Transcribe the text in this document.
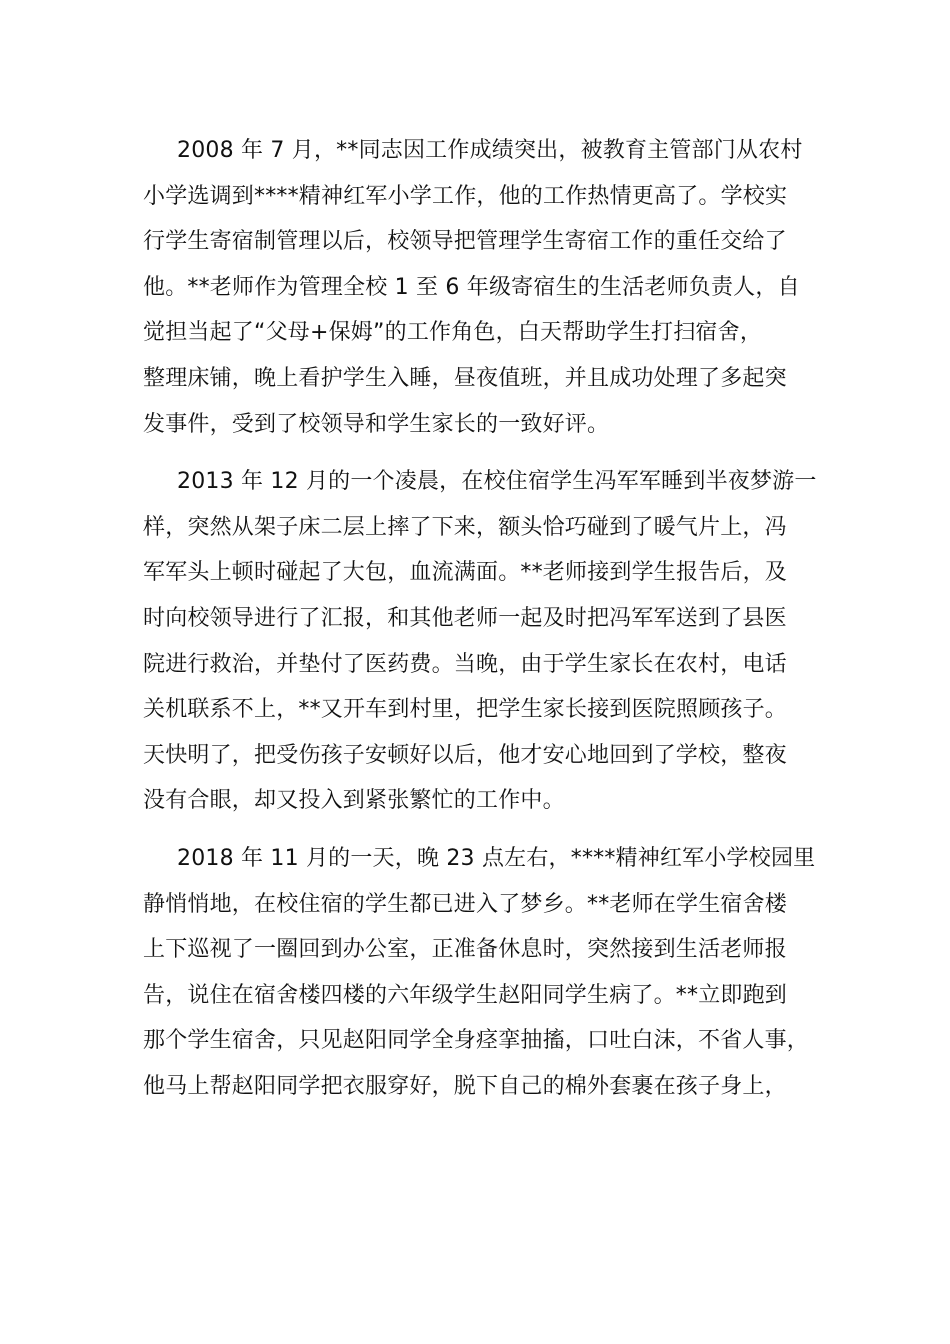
2008 年 7 月，**同志因工作成绩突出，被教育主管部门从农村
小学选调到****精神红军小学工作，他的工作热情更高了。学校实
行学生寄宿制管理以后，校领导把管理学生寄宿工作的重任交给了
他。**老师作为管理全校 1 至 6 年级寄宿生的生活老师负责人，自
觉担当起了“父母+保姆”的工作角色，白天帮助学生打扫宿舍，
整理床铺，晚上看护学生入睡，昼夜值班，并且成功处理了多起突
发事件，受到了校领导和学生家长的一致好评。
2013 年 12 月的一个凌晨，在校住宿学生冯军军睡到半夜梦游一
样，突然从架子床二层上摔了下来，额头恰巧碰到了暖气片上，冯
军军头上顿时碰起了大包，血流满面。**老师接到学生报告后，及
时向校领导进行了汇报，和其他老师一起及时把冯军军送到了县医
院进行救治，并垫付了医药费。当晚，由于学生家长在农村，电话
关机联系不上，**又开车到村里，把学生家长接到医院照顾孩子。
天快明了，把受伤孩子安顿好以后，他才安心地回到了学校，整夜
没有合眼，却又投入到紧张繁忙的工作中。
2018 年 11 月的一天，晚 23 点左右，****精神红军小学校园里
静悄悄地，在校住宿的学生都已进入了梦乡。**老师在学生宿舍楼
上下巡视了一圈回到办公室，正准备休息时，突然接到生活老师报
告，说住在宿舍楼四楼的六年级学生赵阳同学生病了。**立即跑到
那个学生宿舍，只见赵阳同学全身痉挛抽搐，口吐白沫，不省人事，
他马上帮赵阳同学把衣服穿好，脱下自己的棉外套裹在孩子身上，
